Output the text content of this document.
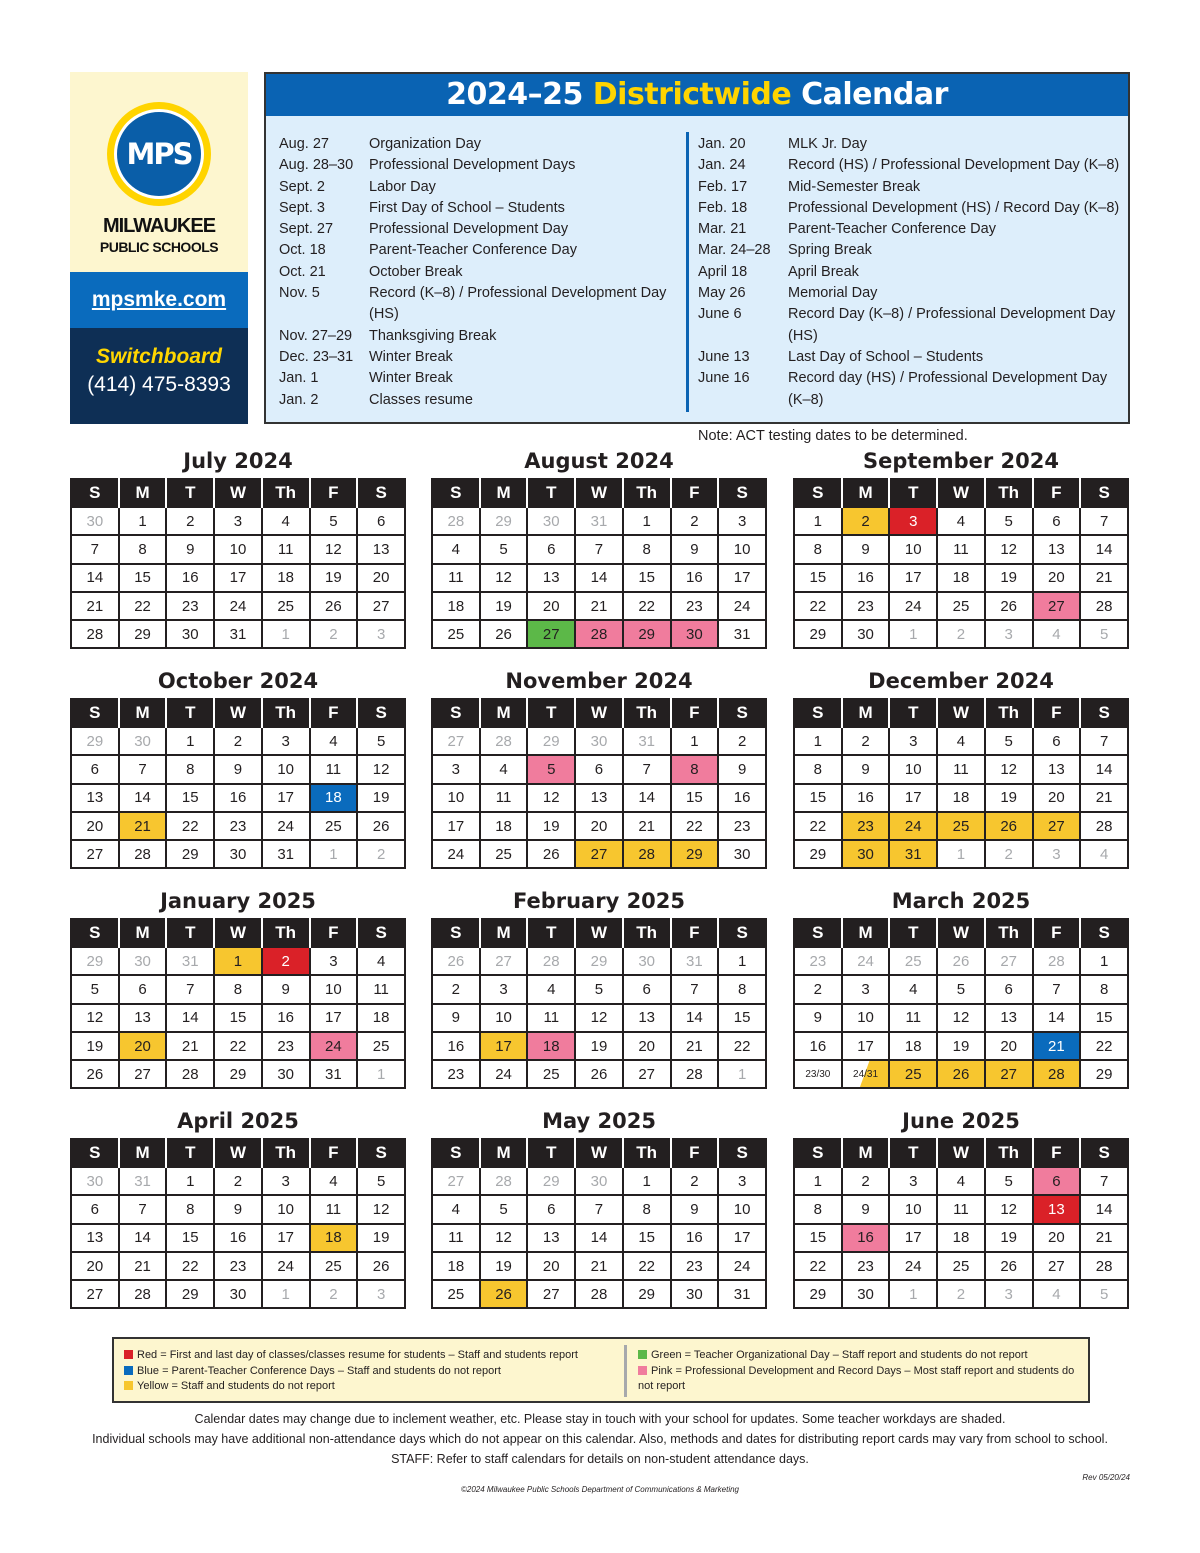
MPS
MILWAUKEE
PUBLIC SCHOOLS
mpsmke.com
Switchboard
(414) 475-8393
2024–25 Districtwide Calendar
Aug. 27	Organization Day
Aug. 28–30	Professional Development Days
Sept. 2	Labor Day
Sept. 3	First Day of School – Students
Sept. 27	Professional Development Day
Oct. 18	Parent-Teacher Conference Day
Oct. 21	October Break
Nov. 5	Record (K–8) / Professional Development Day (HS)
Nov. 27–29	Thanksgiving Break
Dec. 23–31	Winter Break
Jan. 1	Winter Break
Jan. 2	Classes resume
Jan. 20	MLK Jr. Day
Jan. 24	Record (HS) / Professional Development Day (K–8)
Feb. 17	Mid-Semester Break
Feb. 18	Professional Development (HS) / Record Day (K–8)
Mar. 21	Parent-Teacher Conference Day
Mar. 24–28	Spring Break
April 18	April Break
May 26	Memorial Day
June 6	Record Day (K–8) / Professional Development Day (HS)
June 13	Last Day of School – Students
June 16	Record day (HS) / Professional Development Day (K–8)
Note: ACT testing dates to be determined.
July 2024
S	M	T	W	Th	F	S
30	1	2	3	4	5	6
7	8	9	10	11	12	13
14	15	16	17	18	19	20
21	22	23	24	25	26	27
28	29	30	31	1	2	3
August 2024
S	M	T	W	Th	F	S
28	29	30	31	1	2	3
4	5	6	7	8	9	10
11	12	13	14	15	16	17
18	19	20	21	22	23	24
25	26	27	28	29	30	31
September 2024
S	M	T	W	Th	F	S
1	2	3	4	5	6	7
8	9	10	11	12	13	14
15	16	17	18	19	20	21
22	23	24	25	26	27	28
29	30	1	2	3	4	5
October 2024
S	M	T	W	Th	F	S
29	30	1	2	3	4	5
6	7	8	9	10	11	12
13	14	15	16	17	18	19
20	21	22	23	24	25	26
27	28	29	30	31	1	2
November 2024
S	M	T	W	Th	F	S
27	28	29	30	31	1	2
3	4	5	6	7	8	9
10	11	12	13	14	15	16
17	18	19	20	21	22	23
24	25	26	27	28	29	30
December 2024
S	M	T	W	Th	F	S
1	2	3	4	5	6	7
8	9	10	11	12	13	14
15	16	17	18	19	20	21
22	23	24	25	26	27	28
29	30	31	1	2	3	4
January 2025
S	M	T	W	Th	F	S
29	30	31	1	2	3	4
5	6	7	8	9	10	11
12	13	14	15	16	17	18
19	20	21	22	23	24	25
26	27	28	29	30	31	1
February 2025
S	M	T	W	Th	F	S
26	27	28	29	30	31	1
2	3	4	5	6	7	8
9	10	11	12	13	14	15
16	17	18	19	20	21	22
23	24	25	26	27	28	1
March 2025
S	M	T	W	Th	F	S
23	24	25	26	27	28	1
2	3	4	5	6	7	8
9	10	11	12	13	14	15
16	17	18	19	20	21	22
23/30	24/31	25	26	27	28	29
April 2025
S	M	T	W	Th	F	S
30	31	1	2	3	4	5
6	7	8	9	10	11	12
13	14	15	16	17	18	19
20	21	22	23	24	25	26
27	28	29	30	1	2	3
May 2025
S	M	T	W	Th	F	S
27	28	29	30	1	2	3
4	5	6	7	8	9	10
11	12	13	14	15	16	17
18	19	20	21	22	23	24
25	26	27	28	29	30	31
June 2025
S	M	T	W	Th	F	S
1	2	3	4	5	6	7
8	9	10	11	12	13	14
15	16	17	18	19	20	21
22	23	24	25	26	27	28
29	30	1	2	3	4	5
Red = First and last day of classes/classes resume for students – Staff and students report
Blue = Parent-Teacher Conference Days – Staff and students do not report
Yellow = Staff and students do not report
Green = Teacher Organizational Day – Staff report and students do not report
Pink = Professional Development and Record Days – Most staff report and students do not report
Calendar dates may change due to inclement weather, etc. Please stay in touch with your school for updates. Some teacher workdays are shaded.
Individual schools may have additional non-attendance days which do not appear on this calendar. Also, methods and dates for distributing report cards may vary from school to school.
STAFF: Refer to staff calendars for details on non-student attendance days.
Rev 05/20/24
©2024 Milwaukee Public Schools Department of Communications & Marketing
